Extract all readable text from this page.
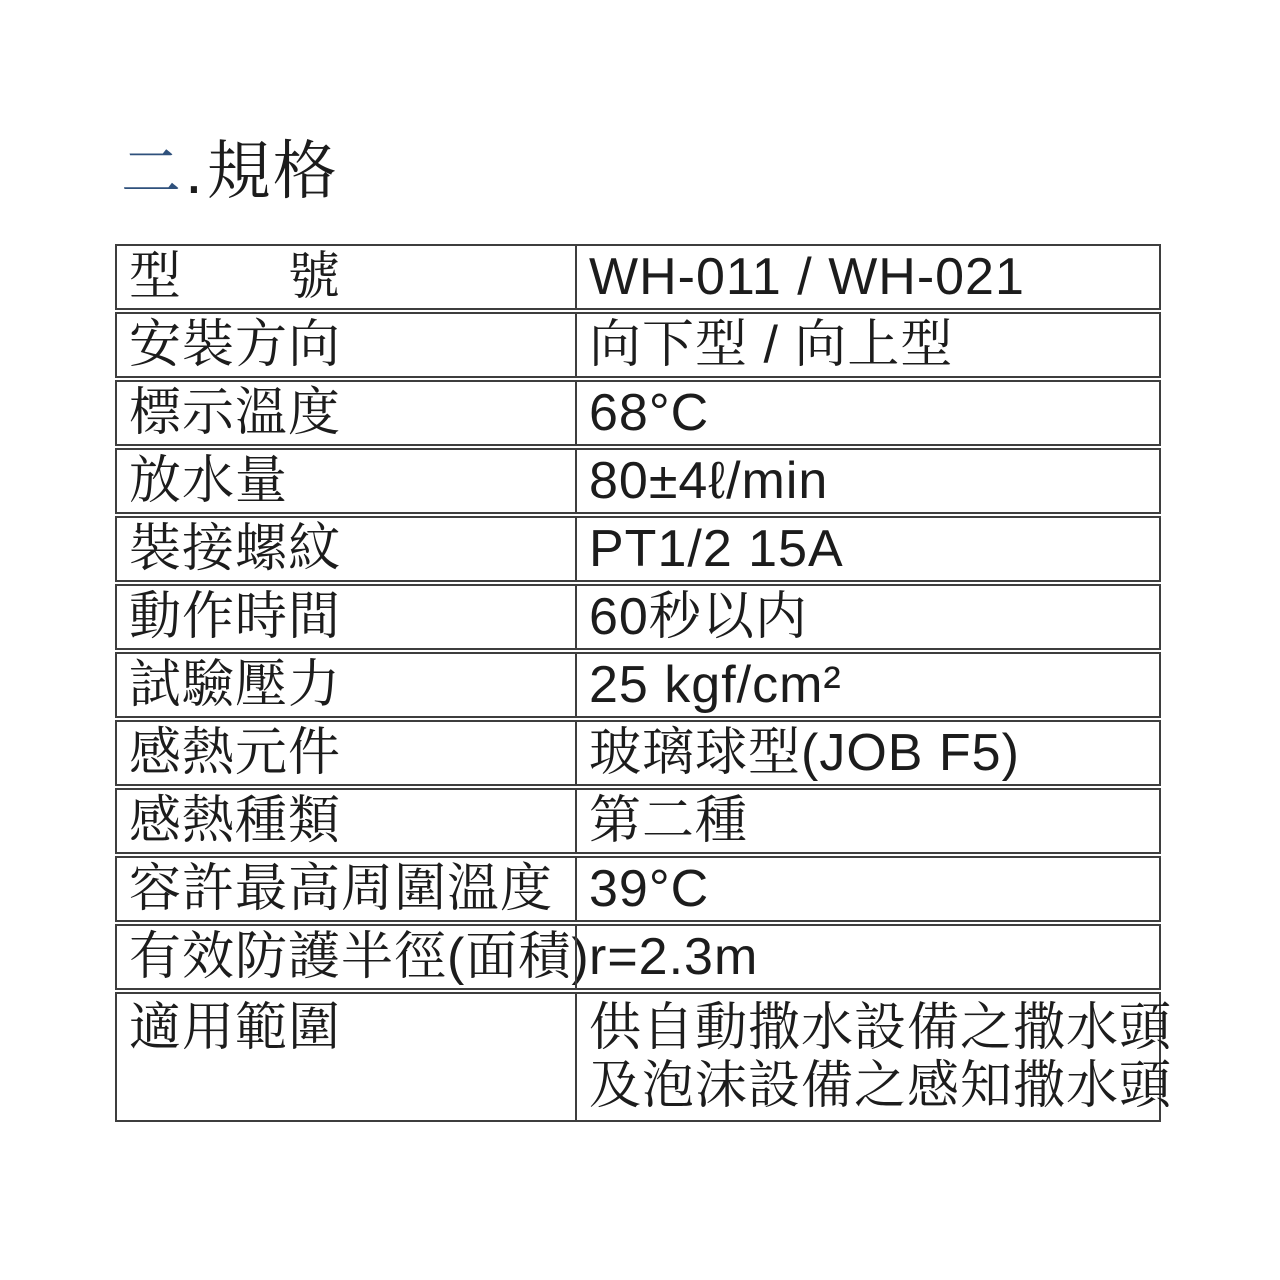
二.規格
型　　號	WH-011 / WH-021
安裝方向	向下型 / 向上型
標示溫度	68°C
放水量	80±4ℓ/min
裝接螺紋	PT1/2 15A
動作時間	60秒以内
試驗壓力	25 kgf/cm²
感熱元件	玻璃球型(JOB F5)
感熱種類	第二種
容許最高周圍溫度 39°C
有效防護半徑(面積) r=2.3m
適用範圍	供自動撒水設備之撒水頭
及泡沫設備之感知撒水頭
